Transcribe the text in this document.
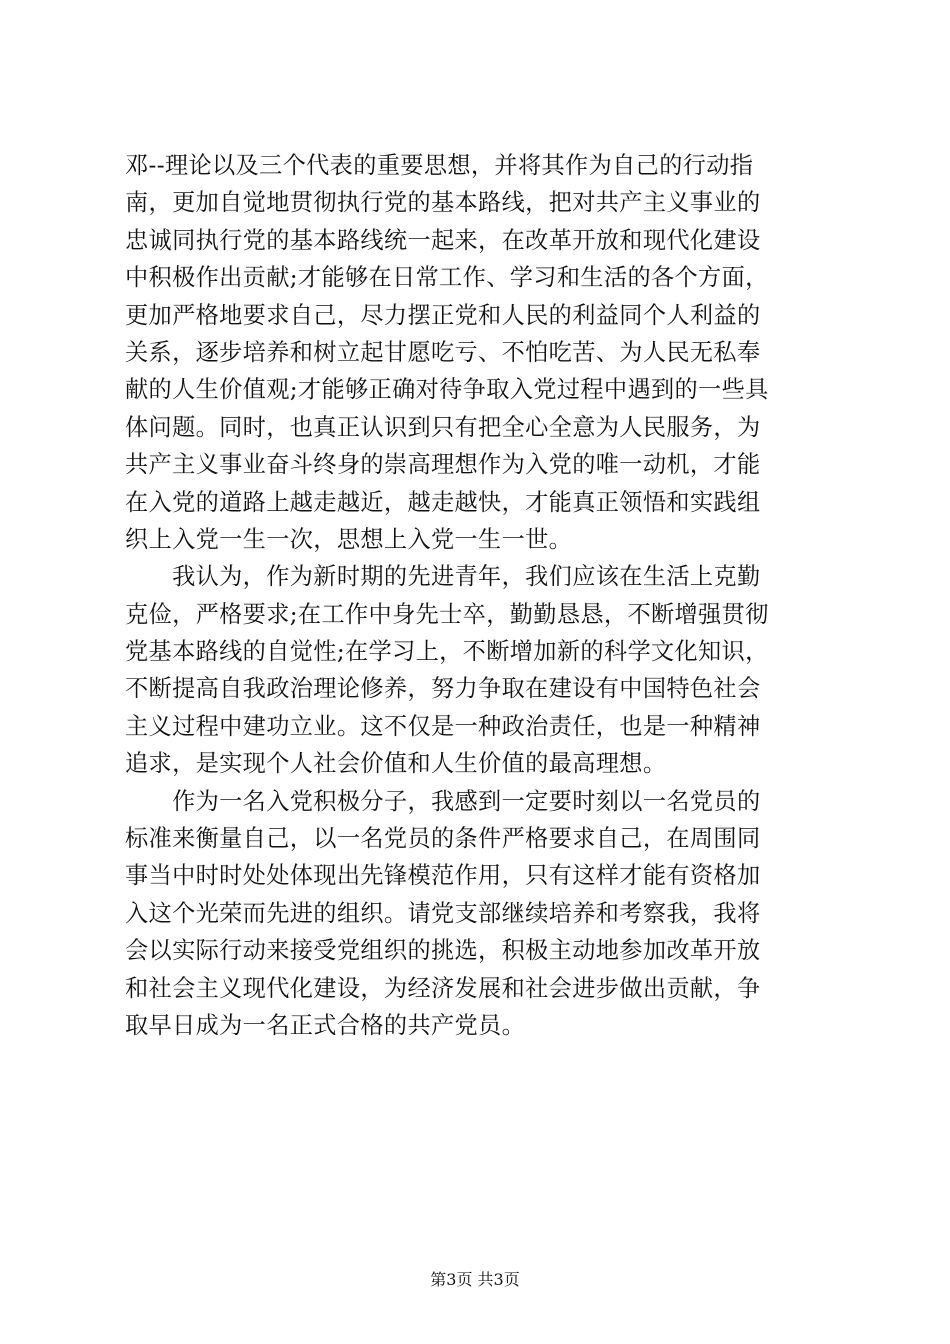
邓--理论以及三个代表的重要思想，并将其作为自己的行动指
南，更加自觉地贯彻执行党的基本路线，把对共产主义事业的
忠诚同执行党的基本路线统一起来，在改革开放和现代化建设
中积极作出贡献;才能够在日常工作、学习和生活的各个方面，
更加严格地要求自己，尽力摆正党和人民的利益同个人利益的
关系，逐步培养和树立起甘愿吃亏、不怕吃苦、为人民无私奉
献的人生价值观;才能够正确对待争取入党过程中遇到的一些具
体问题。同时，也真正认识到只有把全心全意为人民服务，为
共产主义事业奋斗终身的崇高理想作为入党的唯一动机，才能
在入党的道路上越走越近，越走越快，才能真正领悟和实践组
织上入党一生一次，思想上入党一生一世。
　　我认为，作为新时期的先进青年，我们应该在生活上克勤
克俭，严格要求;在工作中身先士卒，勤勤恳恳，不断增强贯彻
党基本路线的自觉性;在学习上，不断增加新的科学文化知识，
不断提高自我政治理论修养，努力争取在建设有中国特色社会
主义过程中建功立业。这不仅是一种政治责任，也是一种精神
追求，是实现个人社会价值和人生价值的最高理想。
　　作为一名入党积极分子，我感到一定要时刻以一名党员的
标准来衡量自己，以一名党员的条件严格要求自己，在周围同
事当中时时处处体现出先锋模范作用，只有这样才能有资格加
入这个光荣而先进的组织。请党支部继续培养和考察我，我将
会以实际行动来接受党组织的挑选，积极主动地参加改革开放
和社会主义现代化建设，为经济发展和社会进步做出贡献，争
取早日成为一名正式合格的共产党员。
第3页 共3页
